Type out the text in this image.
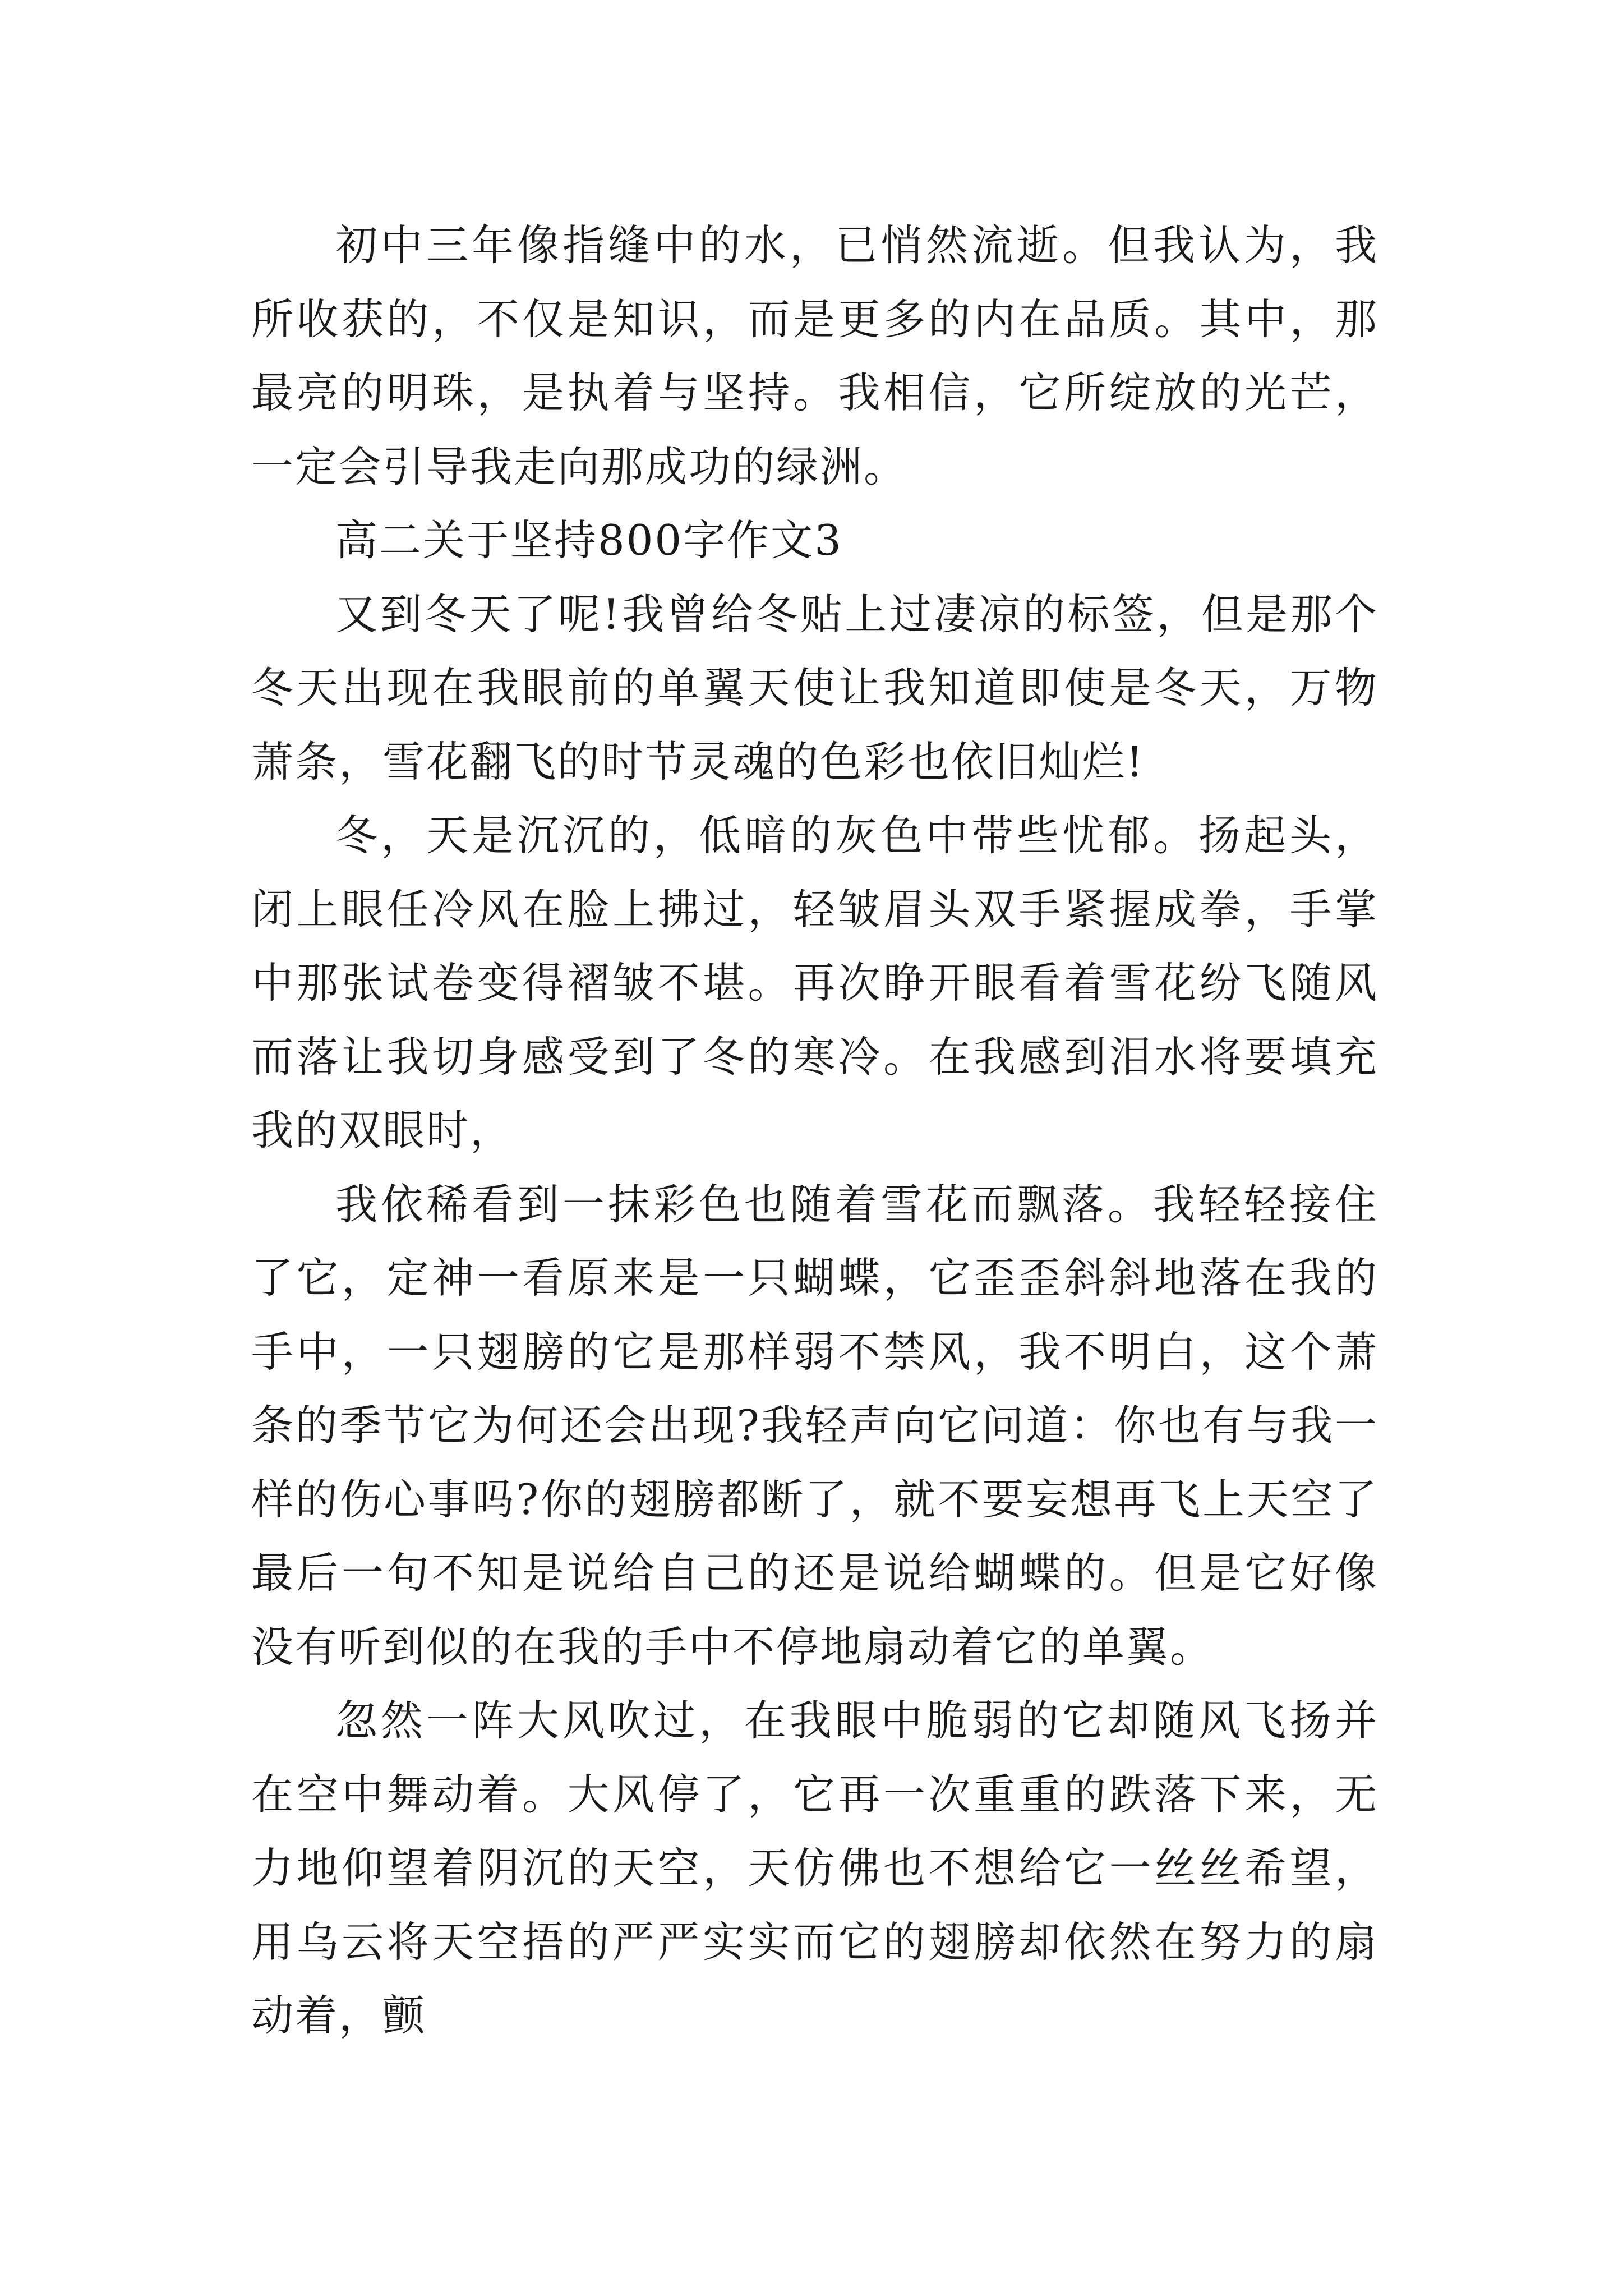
初中三年像指缝中的水，已悄然流逝。但我认为，我所收获的，不仅是知识，而是更多的内在品质。其中，那最亮的明珠，是执着与坚持。我相信，它所绽放的光芒，一定会引导我走向那成功的绿洲。

高二关于坚持800字作文3

又到冬天了呢!我曾给冬贴上过凄凉的标签，但是那个冬天出现在我眼前的单翼天使让我知道即使是冬天，万物萧条，雪花翻飞的时节灵魂的色彩也依旧灿烂!

冬，天是沉沉的，低暗的灰色中带些忧郁。扬起头，闭上眼任冷风在脸上拂过，轻皱眉头双手紧握成拳，手掌中那张试卷变得褶皱不堪。再次睁开眼看着雪花纷飞随风而落让我切身感受到了冬的寒冷。在我感到泪水将要填充我的双眼时，

我依稀看到一抹彩色也随着雪花而飘落。我轻轻接住了它，定神一看原来是一只蝴蝶，它歪歪斜斜地落在我的手中，一只翅膀的它是那样弱不禁风，我不明白，这个萧条的季节它为何还会出现?我轻声向它问道：你也有与我一样的伤心事吗?你的翅膀都断了，就不要妄想再飞上天空了最后一句不知是说给自己的还是说给蝴蝶的。但是它好像没有听到似的在我的手中不停地扇动着它的单翼。

忽然一阵大风吹过，在我眼中脆弱的它却随风飞扬并在空中舞动着。大风停了，它再一次重重的跌落下来，无力地仰望着阴沉的天空，天仿佛也不想给它一丝丝希望，用乌云将天空捂的严严实实而它的翅膀却依然在努力的扇动着，颤
